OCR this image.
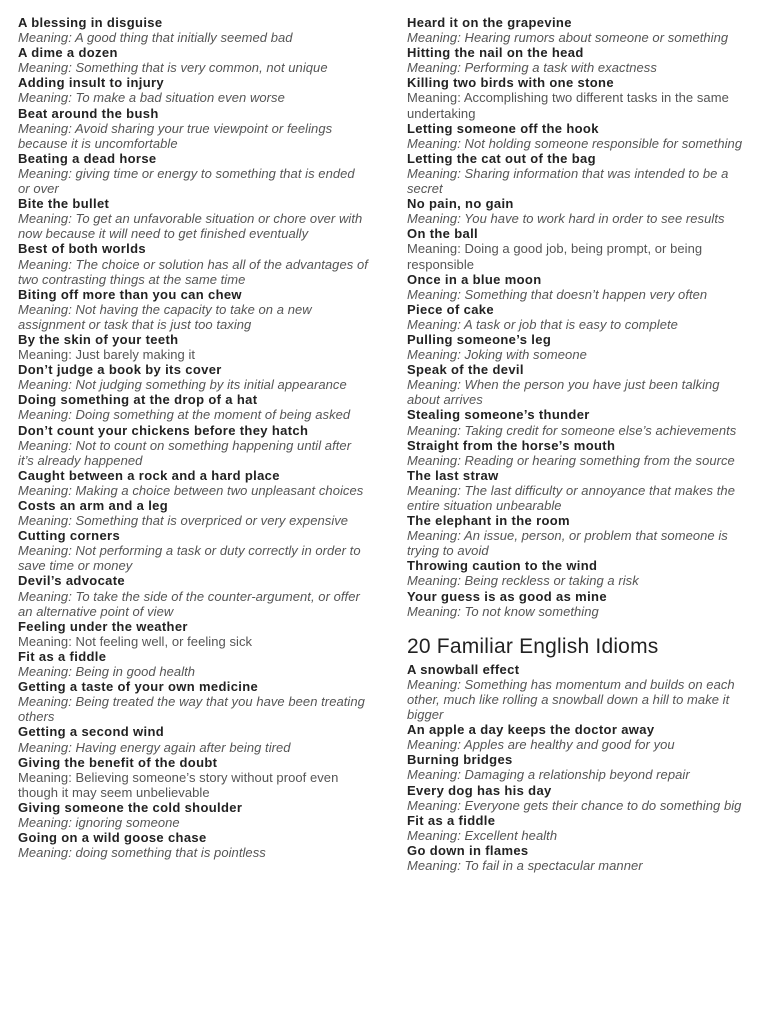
A blessing in disguise
Meaning: A good thing that initially seemed bad
A dime a dozen
Meaning: Something that is very common, not unique
Adding insult to injury
Meaning: To make a bad situation even worse
Beat around the bush
Meaning: Avoid sharing your true viewpoint or feelings because it is uncomfortable
Beating a dead horse
Meaning: giving time or energy to something that is ended or over
Bite the bullet
Meaning: To get an unfavorable situation or chore over with now because it will need to get finished eventually
Best of both worlds
Meaning: The choice or solution has all of the advantages of two contrasting things at the same time
Biting off more than you can chew
Meaning: Not having the capacity to take on a new assignment or task that is just too taxing
By the skin of your teeth
Meaning: Just barely making it
Don’t judge a book by its cover
Meaning: Not judging something by its initial appearance
Doing something at the drop of a hat
Meaning: Doing something at the moment of being asked
Don’t count your chickens before they hatch
Meaning: Not to count on something happening until after it’s already happened
Caught between a rock and a hard place
Meaning: Making a choice between two unpleasant choices
Costs an arm and a leg
Meaning: Something that is overpriced or very expensive
Cutting corners
Meaning: Not performing a task or duty correctly in order to save time or money
Devil’s advocate
Meaning: To take the side of the counter-argument, or offer an alternative point of view
Feeling under the weather
Meaning: Not feeling well, or feeling sick
Fit as a fiddle
Meaning: Being in good health
Getting a taste of your own medicine
Meaning: Being treated the way that you have been treating others
Getting a second wind
Meaning: Having energy again after being tired
Giving the benefit of the doubt
Meaning: Believing someone’s story without proof even though it may seem unbelievable
Giving someone the cold shoulder
Meaning: ignoring someone
Going on a wild goose chase
Meaning: doing something that is pointless
Heard it on the grapevine
Meaning: Hearing rumors about someone or something
Hitting the nail on the head
Meaning: Performing a task with exactness
Killing two birds with one stone
Meaning: Accomplishing two different tasks in the same undertaking
Letting someone off the hook
Meaning: Not holding someone responsible for something
Letting the cat out of the bag
Meaning: Sharing information that was intended to be a secret
No pain, no gain
Meaning: You have to work hard in order to see results
On the ball
Meaning: Doing a good job, being prompt, or being responsible
Once in a blue moon
Meaning: Something that doesn’t happen very often
Piece of cake
Meaning: A task or job that is easy to complete
Pulling someone’s leg
Meaning: Joking with someone
Speak of the devil
Meaning: When the person you have just been talking about arrives
Stealing someone’s thunder
Meaning: Taking credit for someone else’s achievements
Straight from the horse’s mouth
Meaning: Reading or hearing something from the source
The last straw
Meaning: The last difficulty or annoyance that makes the entire situation unbearable
The elephant in the room
Meaning: An issue, person, or problem that someone is trying to avoid
Throwing caution to the wind
Meaning: Being reckless or taking a risk
Your guess is as good as mine
Meaning: To not know something
20 Familiar English Idioms
A snowball effect
Meaning: Something has momentum and builds on each other, much like rolling a snowball down a hill to make it bigger
An apple a day keeps the doctor away
Meaning: Apples are healthy and good for you
Burning bridges
Meaning: Damaging a relationship beyond repair
Every dog has his day
Meaning: Everyone gets their chance to do something big
Fit as a fiddle
Meaning: Excellent health
Go down in flames
Meaning: To fail in a spectacular manner
